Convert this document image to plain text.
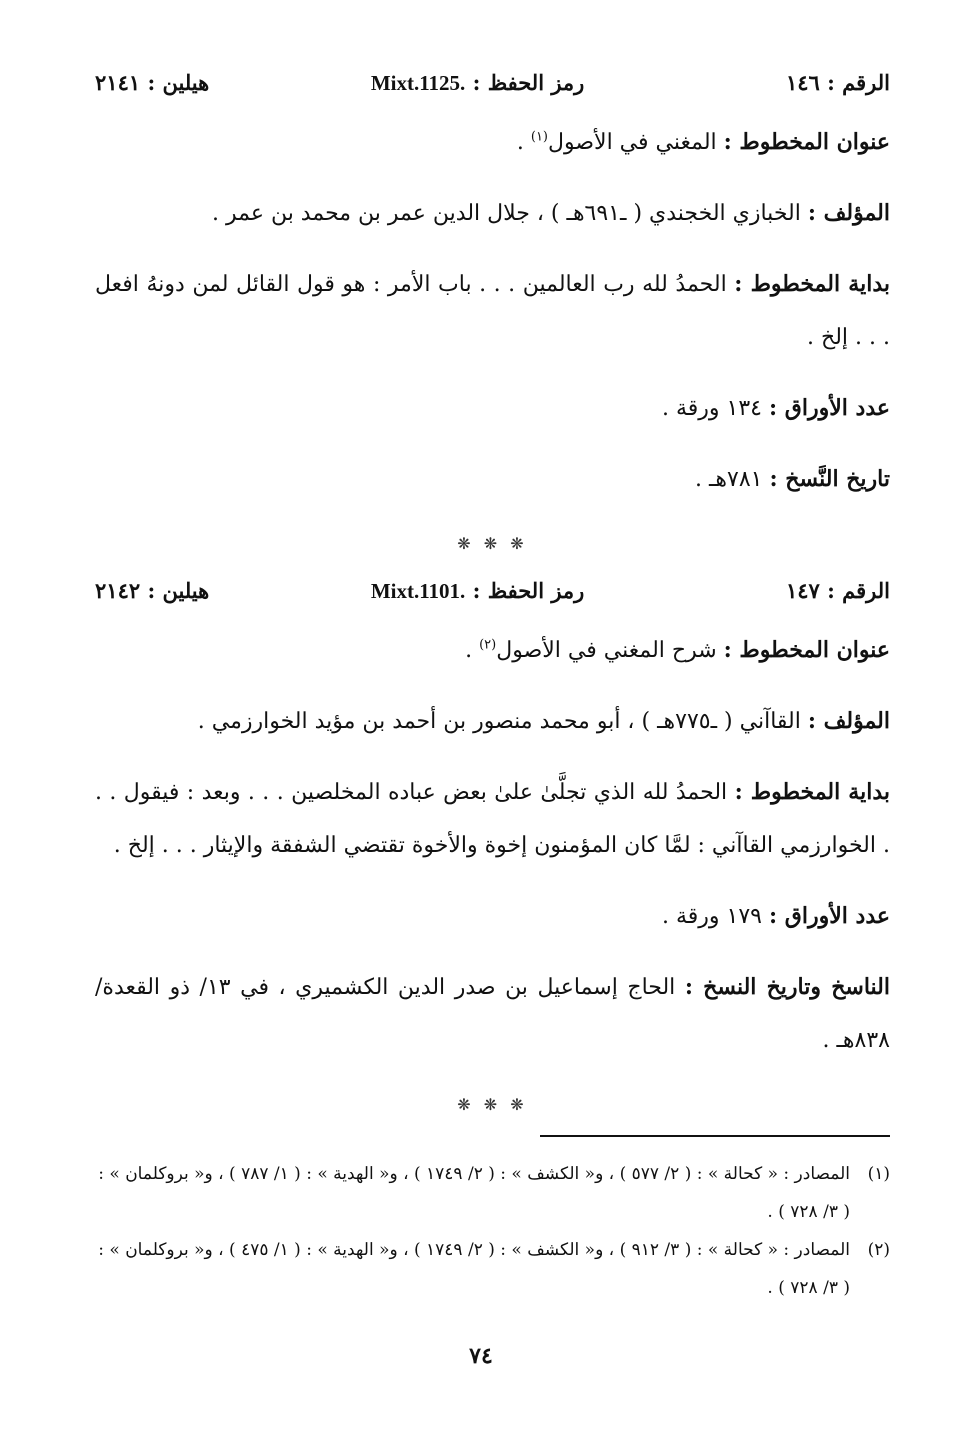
الرقم : ١٤٦
رمز الحفظ : Mixt.1125.
هيلين : ٢١٤١

عنوان المخطوط : المغني في الأصول$^{(١)}$ .

المؤلف : الخبازي الخجندي ( ـ٦٩١هـ ) ، جلال الدين عمر بن محمد بن عمر .

بداية المخطوط : الحمدُ لله رب العالمين . . . باب الأمر : هو قول القائل لمن دونهُ افعل . . . إلخ .

عدد الأوراق : ١٣٤ ورقة .

تاريخ النَّسخ : ٧٨١هـ .

❋ ❋ ❋
الرقم : ١٤٧
رمز الحفظ : Mixt.1101.
هيلين : ٢١٤٢

عنوان المخطوط : شرح المغني في الأصول$^{(٢)}$ .

المؤلف : القاآني ( ـ٧٧٥هـ ) ، أبو محمد منصور بن أحمد بن مؤيد الخوارزمي .

بداية المخطوط : الحمدُ لله الذي تجلَّىٰ علىٰ بعض عباده المخلصين . . . وبعد : فيقول . . . الخوارزمي القاآني : لمَّا كان المؤمنون إخوة والأخوة تقتضي الشفقة والإيثار . . . إلخ .

عدد الأوراق : ١٧٩ ورقة .

الناسخ وتاريخ النسخ : الحاج إسماعيل بن صدر الدين الكشميري ، في ١٣/ ذو القعدة/ ٨٣٨هـ .

❋ ❋ ❋
(١)
المصادر : « كحالة » : ( ٢/ ٥٧٧ ) ، و« الكشف » : ( ٢/ ١٧٤٩ ) ، و« الهدية » : ( ١/ ٧٨٧ ) ، و« بروكلمان » : ( ٣/ ٧٢٨ ) .
(٢)
المصادر : « كحالة » : ( ٣/ ٩١٢ ) ، و« الكشف » : ( ٢/ ١٧٤٩ ) ، و« الهدية » : ( ١/ ٤٧٥ ) ، و« بروكلمان » : ( ٣/ ٧٢٨ ) .
٧٤
